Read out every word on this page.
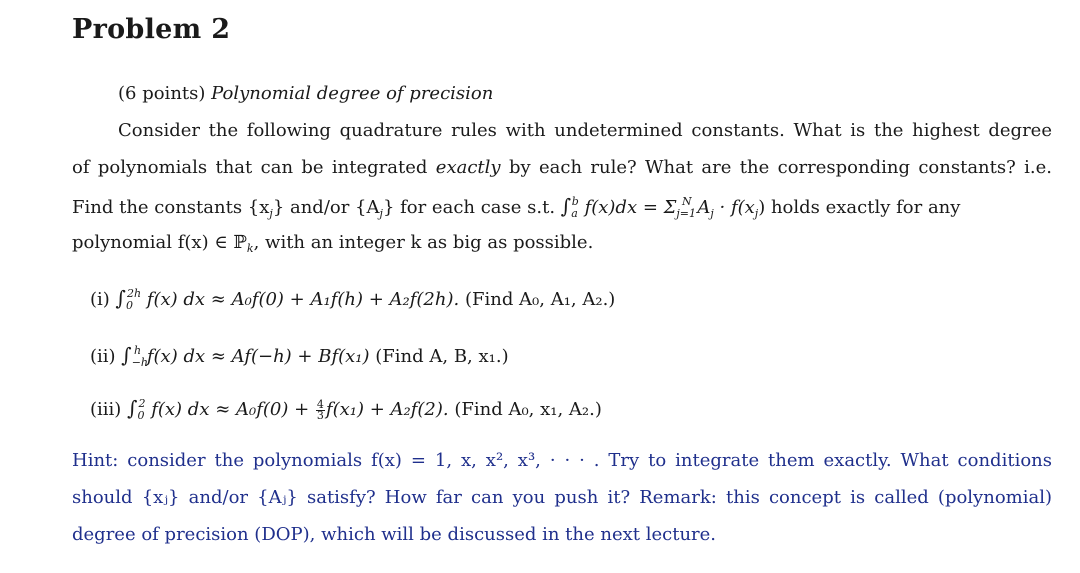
Problem 2
(6 points) Polynomial degree of precision
Consider the following quadrature rules with undetermined constants. What is the highest degree
of polynomials that can be integrated exactly by each rule? What are the corresponding constants? i.e.
Find the constants $\{x_j\}$ and/or $\{A_j\}$ for each case s.t. $\int_a^b$ $f(x)dx = \Sigma_{j=1}^N$ $A_j \cdot f(x_j)$ holds exactly for any
polynomial f(x) ∈ ℙ$_k$, with an integer k as big as possible.
(i) $\int_0^{2h}$ f(x) dx ≈ A₀f(0) + A₁f(h) + A₂f(2h). (Find A₀, A₁, A₂.)
(ii) $\int_{-h}^h$ f(x) dx ≈ Af(−h) + Bf(x₁) (Find A, B, x₁.)
(iii) $\int_0^2$ f(x) dx ≈ $A_0f(0) + \frac{4}{3} f(x_1) + A_2f(2)$. (Find A₀, x₁, A₂.)
Hint: consider the polynomials f(x) = 1, x, x², x³, · · · . Try to integrate them exactly. What conditions
should {xⱼ} and/or {Aⱼ} satisfy? How far can you push it? Remark: this concept is called (polynomial)
degree of precision (DOP), which will be discussed in the next lecture.
